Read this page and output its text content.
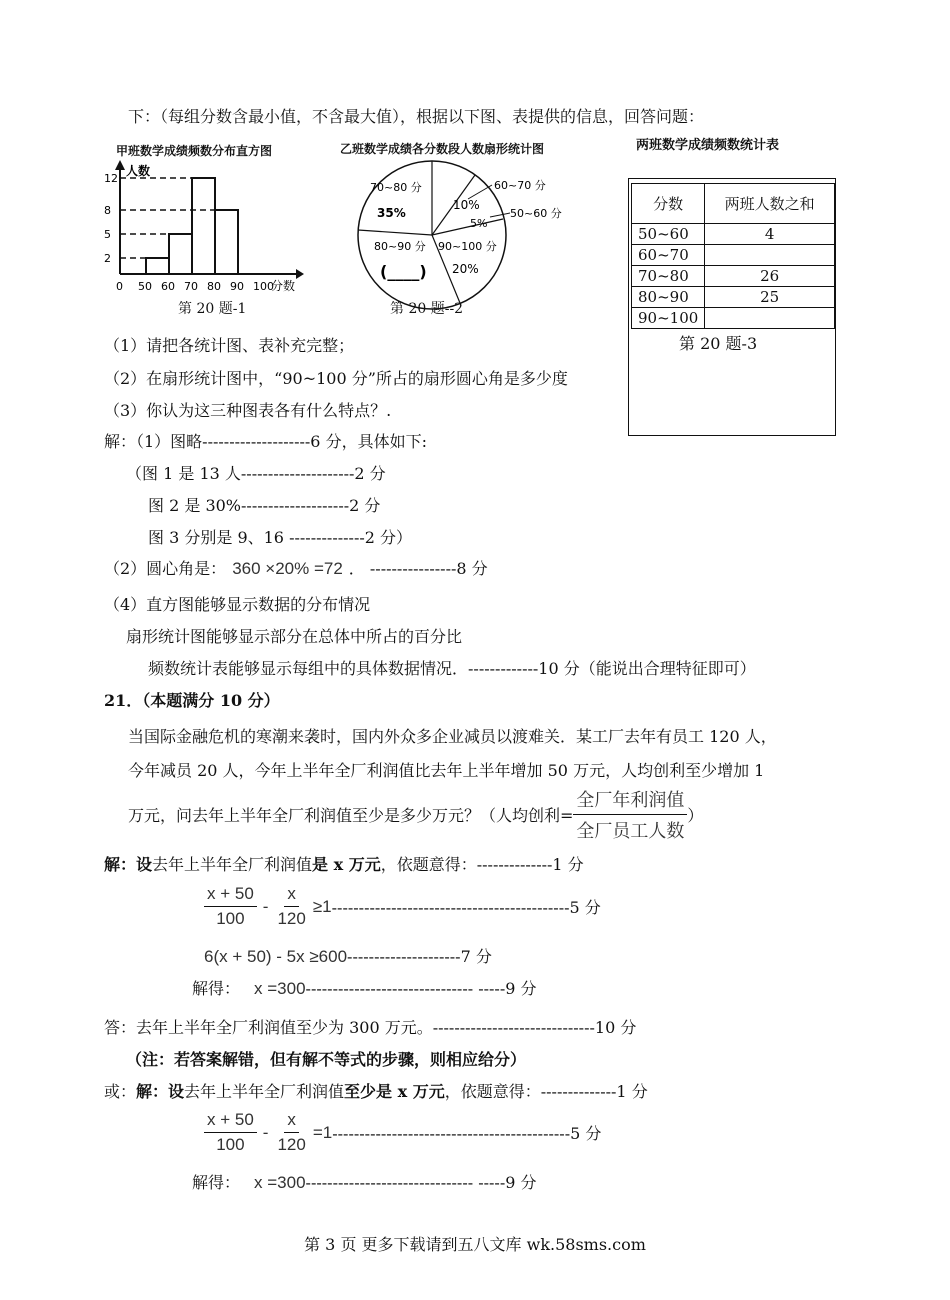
下：（每组分数含最小值，不含最大值），根据以下图、表提供的信息，回答问题：
甲班数学成绩频数分布直方图
人数
2
5
8
12
0 50 60 70 80 90 100
分数
乙班数学成绩各分数段人数扇形统计图
70~80 分
35%
60~70 分
10%
5%
50~60 分
80~90 分
(____)
90~100 分
20%
第 20 题-1	第 20 题--2
两班数学成绩频数统计表
分数	两班人数之和
50~60	4
60~70	
70~80	26
80~90	25
90~100	
第 20 题-3
（1）请把各统计图、表补充完整；
（2）在扇形统计图中，“90~100 分”所占的扇形圆心角是多少度
（3）你认为这三种图表各有什么特点？.
解：（1）图略--------------------6 分，具体如下:
（图 1 是 13 人---------------------2 分
图 2 是 30%--------------------2 分
图 3 分别是 9、16 --------------2 分）
（2）圆心角是： 360 ×20% =72 ． ----------------8 分
（4）直方图能够显示数据的分布情况
扇形统计图能够显示部分在总体中所占的百分比
频数统计表能够显示每组中的具体数据情况．-------------10 分（能说出合理特征即可）
21．（本题满分 10 分）
当国际金融危机的寒潮来袭时，国内外众多企业减员以渡难关．某工厂去年有员工 120 人，
今年减员 20 人，今年上半年全厂利润值比去年上半年增加 50 万元，人均创利至少增加 1
万元，问去年上半年全厂利润值至少是多少万元？（人均创利= $\frac{\text{全厂年利润值}}{\text{全厂员工人数}}$ ）
解：设去年上半年全厂利润值是 x 万元，依题意得：--------------1 分
$\frac{x + 50}{100} - \frac{x}{120} \ge 1$ --------------------------------------------5 分
6(x + 50) - 5x ≥600---------------------7 分
解得： x =300------------------------------- -----9 分
答：去年上半年全厂利润值至少为 300 万元。------------------------------10 分
（注：若答案解错，但有解不等式的步骤，则相应给分）
或：解：设去年上半年全厂利润值至少是 x 万元，依题意得：--------------1 分
$\frac{x + 50}{100} - \frac{x}{120} =1$ --------------------------------------------5 分
解得： x =300------------------------------- -----9 分
第 3 页 更多下载请到五八文库 wk.58sms.com
